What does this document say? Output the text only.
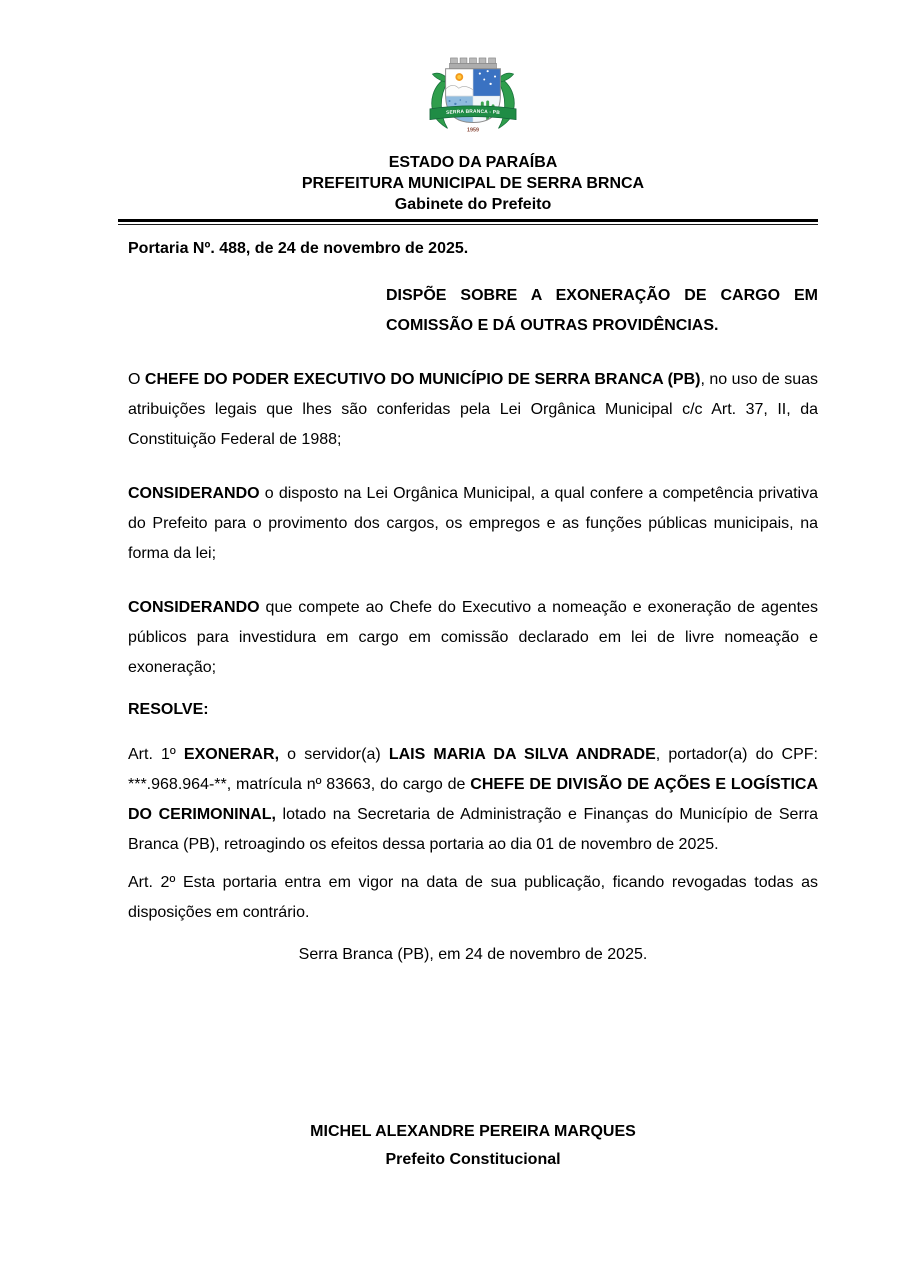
SERRA BRANCA - PB
1959
ESTADO DA PARAÍBA
PREFEITURA MUNICIPAL DE SERRA BRNCA
Gabinete do Prefeito

Portaria Nº. 488, de 24 de novembro de 2025.

DISPÕE SOBRE A EXONERAÇÃO DE CARGO EM COMISSÃO E DÁ OUTRAS PROVIDÊNCIAS.

O CHEFE DO PODER EXECUTIVO DO MUNICÍPIO DE SERRA BRANCA (PB), no uso de suas atribuições legais que lhes são conferidas pela Lei Orgânica Municipal c/c Art. 37, II, da Constituição Federal de 1988;

CONSIDERANDO o disposto na Lei Orgânica Municipal, a qual confere a competência privativa do Prefeito para o provimento dos cargos, os empregos e as funções públicas municipais, na forma da lei;

CONSIDERANDO que compete ao Chefe do Executivo a nomeação e exoneração de agentes públicos para investidura em cargo em comissão declarado em lei de livre nomeação e exoneração;

RESOLVE:

Art. 1º EXONERAR, o servidor(a) LAIS MARIA DA SILVA ANDRADE, portador(a) do CPF: ***.968.964-**, matrícula nº 83663, do cargo de CHEFE DE DIVISÃO DE AÇÕES E LOGÍSTICA DO CERIMONINAL, lotado na Secretaria de Administração e Finanças do Município de Serra Branca (PB), retroagindo os efeitos dessa portaria ao dia 01 de novembro de 2025.

Art. 2º Esta portaria entra em vigor na data de sua publicação, ficando revogadas todas as disposições em contrário.

Serra Branca (PB), em 24 de novembro de 2025.

MICHEL ALEXANDRE PEREIRA MARQUES
Prefeito Constitucional
